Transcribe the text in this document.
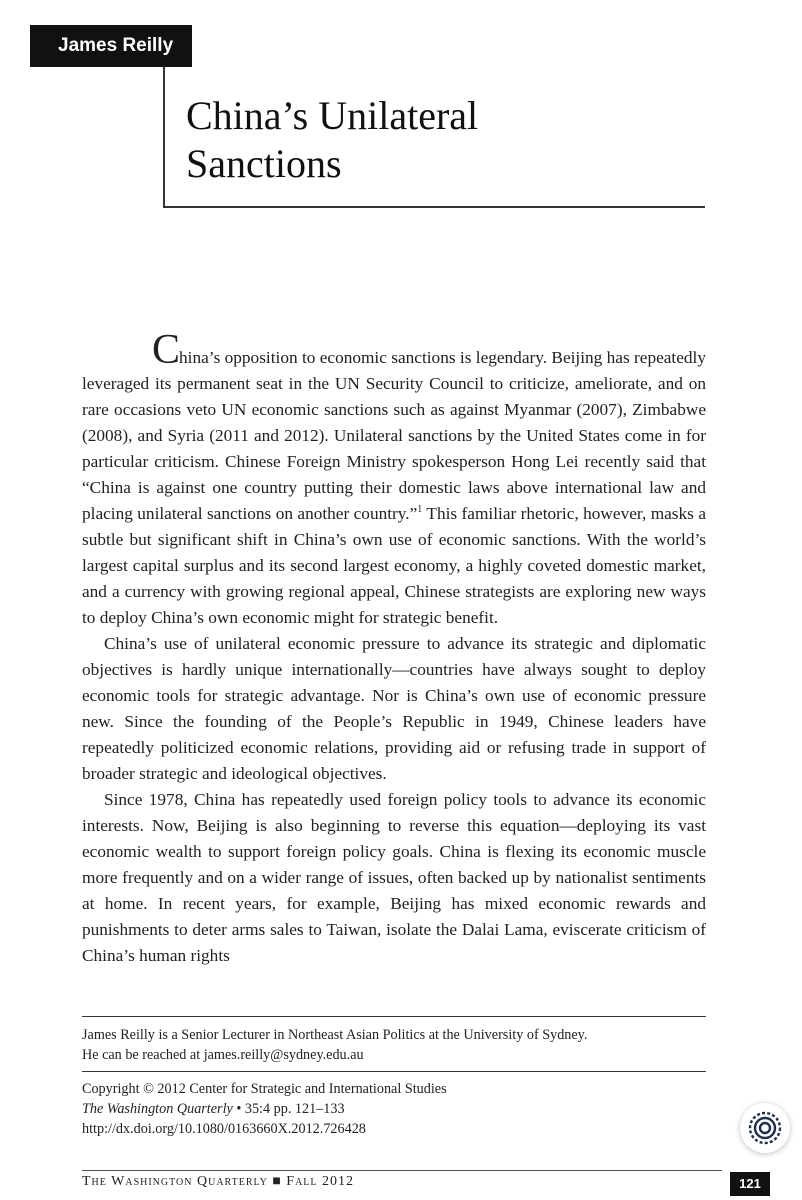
James Reilly
China’s Unilateral
Sanctions

China’s opposition to economic sanctions is legendary. Beijing has repeatedly leveraged its permanent seat in the UN Security Council to criticize, ameliorate, and on rare occasions veto UN economic sanctions such as against Myanmar (2007), Zimbabwe (2008), and Syria (2011 and 2012). Unilateral sanctions by the United States come in for particular criticism. Chinese Foreign Ministry spokesperson Hong Lei recently said that “China is against one country putting their domestic laws above international law and placing unilateral sanctions on another country.”$^1$ This familiar rhetoric, however, masks a subtle but significant shift in China’s own use of economic sanctions. With the world’s largest capital surplus and its second largest economy, a highly coveted domestic market, and a currency with growing regional appeal, Chinese strategists are exploring new ways to deploy China’s own economic might for strategic benefit.

China’s use of unilateral economic pressure to advance its strategic and diplomatic objectives is hardly unique internationally—countries have always sought to deploy economic tools for strategic advantage. Nor is China’s own use of economic pressure new. Since the founding of the People’s Republic in 1949, Chinese leaders have repeatedly politicized economic relations, providing aid or refusing trade in support of broader strategic and ideological objectives.

Since 1978, China has repeatedly used foreign policy tools to advance its economic interests. Now, Beijing is also beginning to reverse this equation—deploying its vast economic wealth to support foreign policy goals. China is flexing its economic muscle more frequently and on a wider range of issues, often backed up by nationalist sentiments at home. In recent years, for example, Beijing has mixed economic rewards and punishments to deter arms sales to Taiwan, isolate the Dalai Lama, eviscerate criticism of China’s human rights

James Reilly is a Senior Lecturer in Northeast Asian Politics at the University of Sydney.
He can be reached at james.reilly@sydney.edu.au
Copyright © 2012 Center for Strategic and International Studies
The Washington Quarterly • 35:4 pp. 121–133
http://dx.doi.org/10.1080/0163660X.2012.726428
The Washington Quarterly ■ Fall 2012	121
